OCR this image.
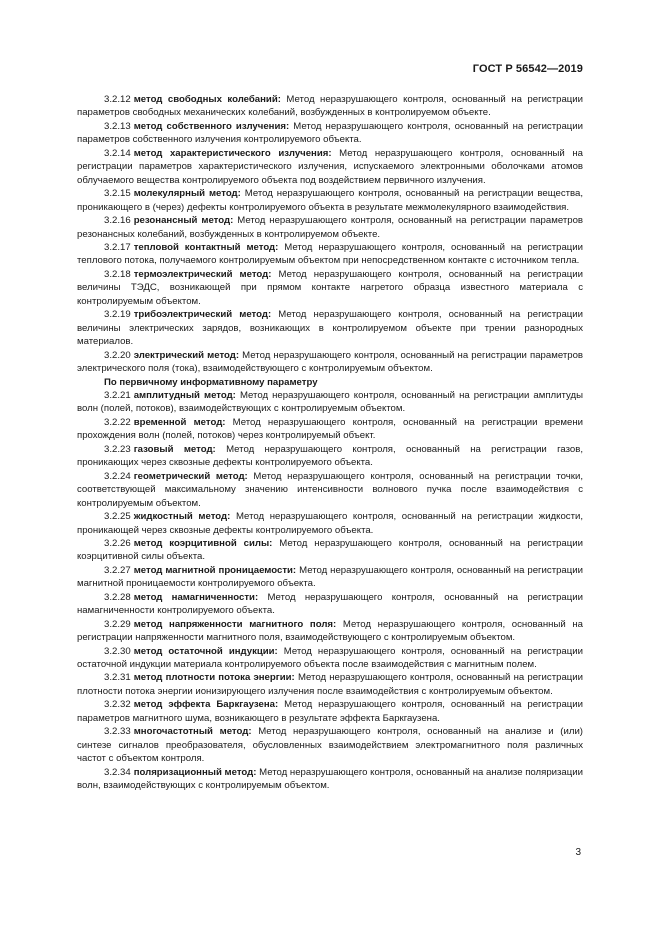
ГОСТ Р 56542—2019

3.2.12 метод свободных колебаний: Метод неразрушающего контроля, основанный на регистрации параметров свободных механических колебаний, возбужденных в контролируемом объекте.

3.2.13 метод собственного излучения: Метод неразрушающего контроля, основанный на регистрации параметров собственного излучения контролируемого объекта.

3.2.14 метод характеристического излучения: Метод неразрушающего контроля, основанный на регистрации параметров характеристического излучения, испускаемого электронными оболочками атомов облучаемого вещества контролируемого объекта под воздействием первичного излучения.

3.2.15 молекулярный метод: Метод неразрушающего контроля, основанный на регистрации вещества, проникающего в (через) дефекты контролируемого объекта в результате межмолекулярного взаимодействия.

3.2.16 резонансный метод: Метод неразрушающего контроля, основанный на регистрации параметров резонансных колебаний, возбужденных в контролируемом объекте.

3.2.17 тепловой контактный метод: Метод неразрушающего контроля, основанный на регистрации теплового потока, получаемого контролируемым объектом при непосредственном контакте с источником тепла.

3.2.18 термоэлектрический метод: Метод неразрушающего контроля, основанный на регистрации величины ТЭДС, возникающей при прямом контакте нагретого образца известного материала с контролируемым объектом.

3.2.19 трибоэлектрический метод: Метод неразрушающего контроля, основанный на регистрации величины электрических зарядов, возникающих в контролируемом объекте при трении разнородных материалов.

3.2.20 электрический метод: Метод неразрушающего контроля, основанный на регистрации параметров электрического поля (тока), взаимодействующего с контролируемым объектом.

По первичному информативному параметру

3.2.21 амплитудный метод: Метод неразрушающего контроля, основанный на регистрации амплитуды волн (полей, потоков), взаимодействующих с контролируемым объектом.

3.2.22 временной метод: Метод неразрушающего контроля, основанный на регистрации времени прохождения волн (полей, потоков) через контролируемый объект.

3.2.23 газовый метод: Метод неразрушающего контроля, основанный на регистрации газов, проникающих через сквозные дефекты контролируемого объекта.

3.2.24 геометрический метод: Метод неразрушающего контроля, основанный на регистрации точки, соответствующей максимальному значению интенсивности волнового пучка после взаимодействия с контролируемым объектом.

3.2.25 жидкостный метод: Метод неразрушающего контроля, основанный на регистрации жидкости, проникающей через сквозные дефекты контролируемого объекта.

3.2.26 метод коэрцитивной силы: Метод неразрушающего контроля, основанный на регистрации коэрцитивной силы объекта.

3.2.27 метод магнитной проницаемости: Метод неразрушающего контроля, основанный на регистрации магнитной проницаемости контролируемого объекта.

3.2.28 метод намагниченности: Метод неразрушающего контроля, основанный на регистрации намагниченности контролируемого объекта.

3.2.29 метод напряженности магнитного поля: Метод неразрушающего контроля, основанный на регистрации напряженности магнитного поля, взаимодействующего с контролируемым объектом.

3.2.30 метод остаточной индукции: Метод неразрушающего контроля, основанный на регистрации остаточной индукции материала контролируемого объекта после взаимодействия с магнитным полем.

3.2.31 метод плотности потока энергии: Метод неразрушающего контроля, основанный на регистрации плотности потока энергии ионизирующего излучения после взаимодействия с контролируемым объектом.

3.2.32 метод эффекта Баркгаузена: Метод неразрушающего контроля, основанный на регистрации параметров магнитного шума, возникающего в результате эффекта Баркгаузена.

3.2.33 многочастотный метод: Метод неразрушающего контроля, основанный на анализе и (или) синтезе сигналов преобразователя, обусловленных взаимодействием электромагнитного поля различных частот с объектом контроля.

3.2.34 поляризационный метод: Метод неразрушающего контроля, основанный на анализе поляризации волн, взаимодействующих с контролируемым объектом.

3
